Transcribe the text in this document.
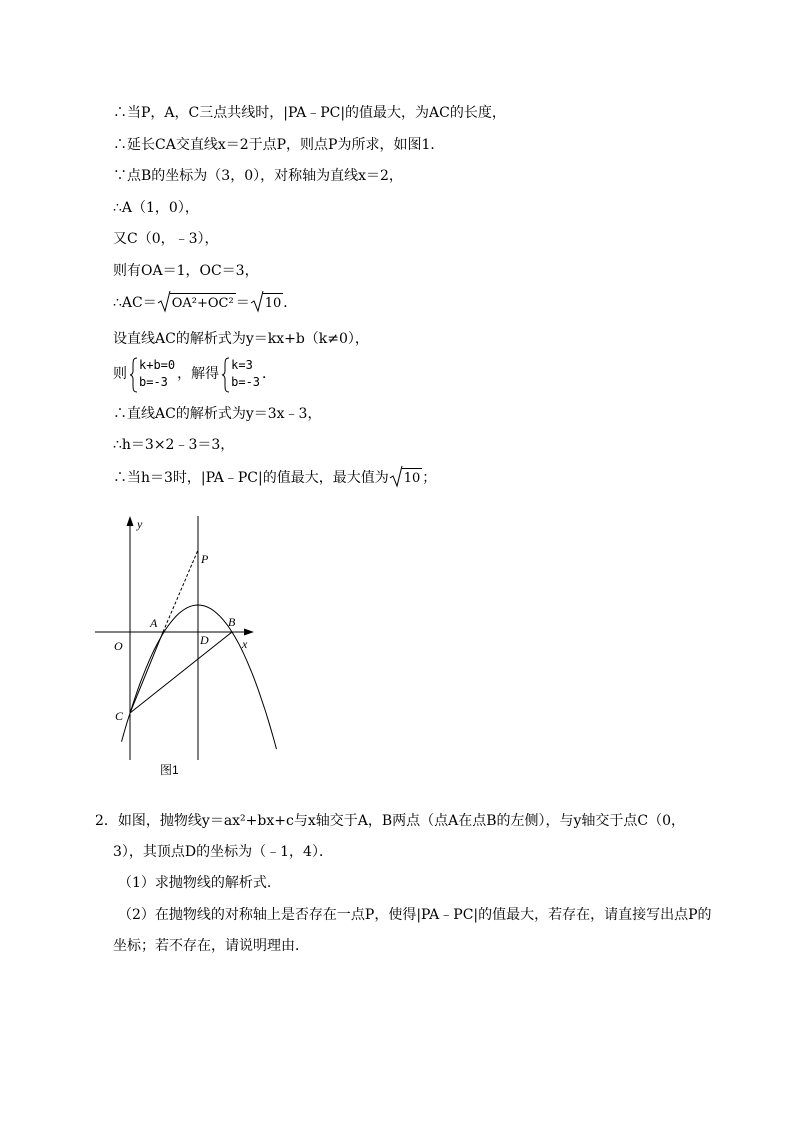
∴当P，A，C三点共线时，|PA﹣PC|的值最大，为AC的长度，
∴延长CA交直线x＝2于点P，则点P为所求，如图1．
∵点B的坐标为（3，0），对称轴为直线x＝2，
∴A（1，0），
又C（0，﹣3），
则有OA＝1，OC＝3，
∴AC＝ OA²+OC² ＝ 10 ．
设直线AC的解析式为y＝kx+b（k≠0），
则
k+b=0
b=-3 ，解得
k=3
b=-3 ．
∴直线AC的解析式为y＝3x﹣3，
∴h＝3×2﹣3＝3，
∴当h＝3时，|PA﹣PC|的值最大，最大值为 10 ；
y
x
O
A	B
C
D
P
图1
2．如图，抛物线y＝ax²+bx+c与x轴交于A，B两点（点A在点B的左侧），与y轴交于点C（0，
3），其顶点D的坐标为（﹣1，4）．
（1）求抛物线的解析式．
（2）在抛物线的对称轴上是否存在一点P，使得|PA﹣PC|的值最大，若存在，请直接写出点P的
坐标；若不存在，请说明理由．
